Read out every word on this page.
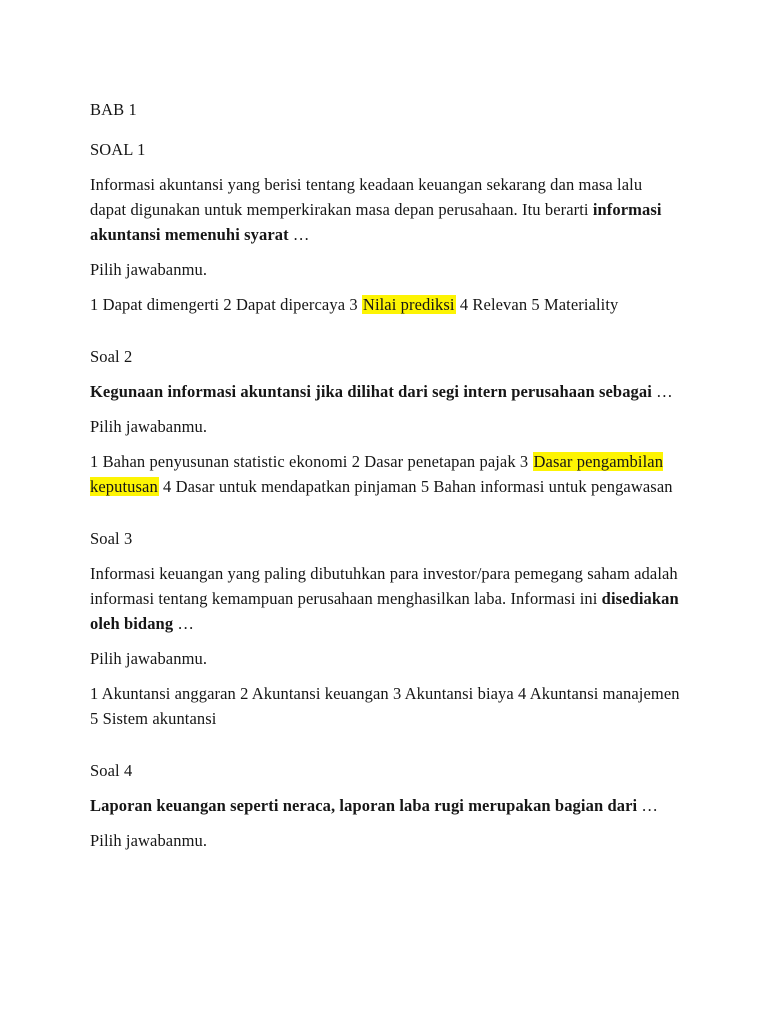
BAB 1

SOAL 1

Informasi akuntansi yang berisi tentang keadaan keuangan sekarang dan masa lalu dapat digunakan untuk memperkirakan masa depan perusahaan. Itu berarti informasi akuntansi memenuhi syarat …

Pilih jawabanmu.

1 Dapat dimengerti 2 Dapat dipercaya 3 Nilai prediksi 4 Relevan 5 Materiality

Soal 2

Kegunaan informasi akuntansi jika dilihat dari segi intern perusahaan sebagai …

Pilih jawabanmu.

1 Bahan penyusunan statistic ekonomi 2 Dasar penetapan pajak 3 Dasar pengambilan keputusan 4 Dasar untuk mendapatkan pinjaman 5 Bahan informasi untuk pengawasan

Soal 3

Informasi keuangan yang paling dibutuhkan para investor/para pemegang saham adalah informasi tentang kemampuan perusahaan menghasilkan laba. Informasi ini disediakan oleh bidang …

Pilih jawabanmu.

1 Akuntansi anggaran 2 Akuntansi keuangan 3 Akuntansi biaya 4 Akuntansi manajemen 5 Sistem akuntansi

Soal 4

Laporan keuangan seperti neraca, laporan laba rugi merupakan bagian dari …

Pilih jawabanmu.
